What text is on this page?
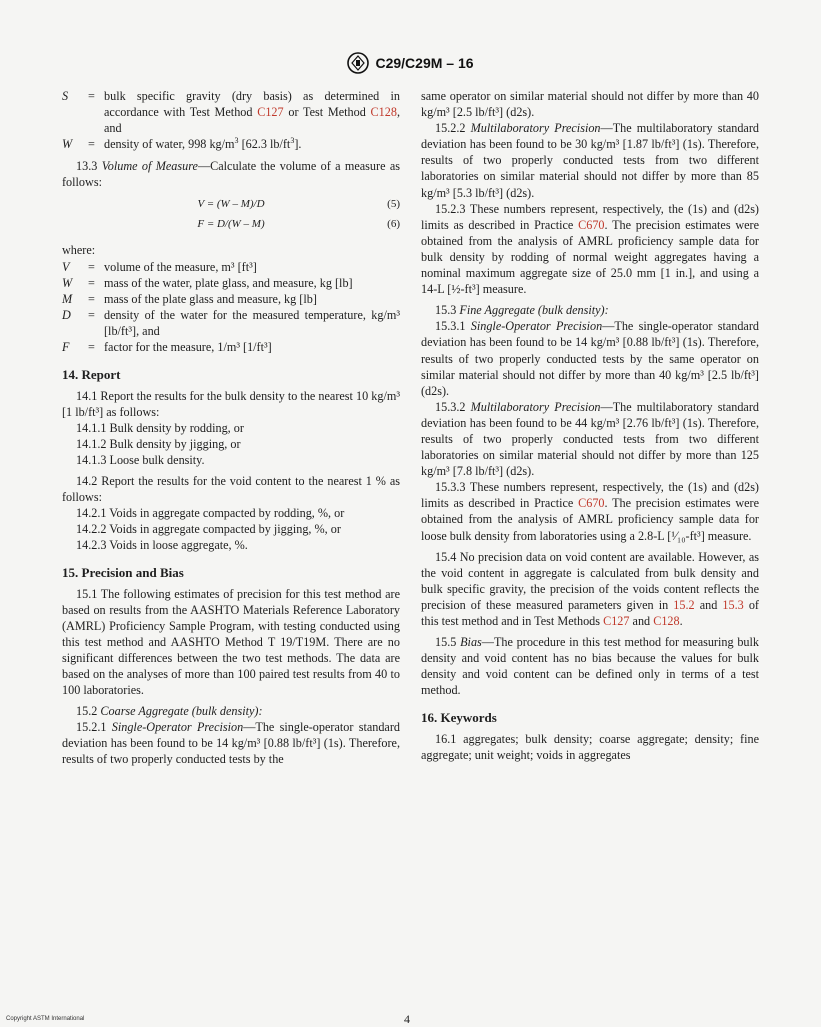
C29/C29M – 16
S	= bulk specific gravity (dry basis) as determined in accordance with Test Method C127 or Test Method C128, and
W	= density of water, 998 $kg/m^3$ [62.3 $lb/ft^3$].

13.3 Volume of Measure—Calculate the volume of a measure as follows:

V = (W – M)/D	(5)
F = D/(W – M)	(6)

where:

V	= volume of the measure, m³ [ft³]
W	= mass of the water, plate glass, and measure, kg [lb]
M	= mass of the plate glass and measure, kg [lb]
D	= density of the water for the measured temperature, kg/m³ [lb/ft³], and
F	= factor for the measure, 1/m³ [1/ft³]
14. Report

14.1 Report the results for the bulk density to the nearest 10 kg/m³ [1 lb/ft³] as follows:

14.1.1 Bulk density by rodding, or

14.1.2 Bulk density by jigging, or

14.1.3 Loose bulk density.

14.2 Report the results for the void content to the nearest 1 % as follows:

14.2.1 Voids in aggregate compacted by rodding, %, or

14.2.2 Voids in aggregate compacted by jigging, %, or

14.2.3 Voids in loose aggregate, %.

15. Precision and Bias

15.1 The following estimates of precision for this test method are based on results from the AASHTO Materials Reference Laboratory (AMRL) Proficiency Sample Program, with testing conducted using this test method and AASHTO Method T 19/T19M. There are no significant differences between the two test methods. The data are based on the analyses of more than 100 paired test results from 40 to 100 laboratories.

15.2 Coarse Aggregate (bulk density):

15.2.1 Single-Operator Precision—The single-operator standard deviation has been found to be 14 kg/m³ [0.88 lb/ft³] (1s). Therefore, results of two properly conducted tests by the

same operator on similar material should not differ by more than 40 kg/m³ [2.5 lb/ft³] (d2s).

15.2.2 Multilaboratory Precision—The multilaboratory standard deviation has been found to be 30 kg/m³ [1.87 lb/ft³] (1s). Therefore, results of two properly conducted tests from two different laboratories on similar material should not differ by more than 85 kg/m³ [5.3 lb/ft³] (d2s).

15.2.3 These numbers represent, respectively, the (1s) and (d2s) limits as described in Practice C670. The precision estimates were obtained from the analysis of AMRL proficiency sample data for bulk density by rodding of normal weight aggregates having a nominal maximum aggregate size of 25.0 mm [1 in.], and using a 14-L [½-ft³] measure.

15.3 Fine Aggregate (bulk density):

15.3.1 Single-Operator Precision—The single-operator standard deviation has been found to be 14 kg/m³ [0.88 lb/ft³] (1s). Therefore, results of two properly conducted tests by the same operator on similar material should not differ by more than 40 kg/m³ [2.5 lb/ft³] (d2s).

15.3.2 Multilaboratory Precision—The multilaboratory standard deviation has been found to be 44 kg/m³ [2.76 lb/ft³] (1s). Therefore, results of two properly conducted tests from two different laboratories on similar material should not differ by more than 125 kg/m³ [7.8 lb/ft³] (d2s).

15.3.3 These numbers represent, respectively, the (1s) and (d2s) limits as described in Practice C670. The precision estimates were obtained from the analysis of AMRL proficiency sample data for loose bulk density from laboratories using a 2.8-L [¹⁄₁₀-ft³] measure.

15.4 No precision data on void content are available. However, as the void content in aggregate is calculated from bulk density and bulk specific gravity, the precision of the voids content reflects the precision of these measured parameters given in 15.2 and 15.3 of this test method and in Test Methods C127 and C128.

15.5 Bias—The procedure in this test method for measuring bulk density and void content has no bias because the values for bulk density and void content can be defined only in terms of a test method.

16. Keywords

16.1 aggregates; bulk density; coarse aggregate; density; fine aggregate; unit weight; voids in aggregates

Copyright ASTM International	4
